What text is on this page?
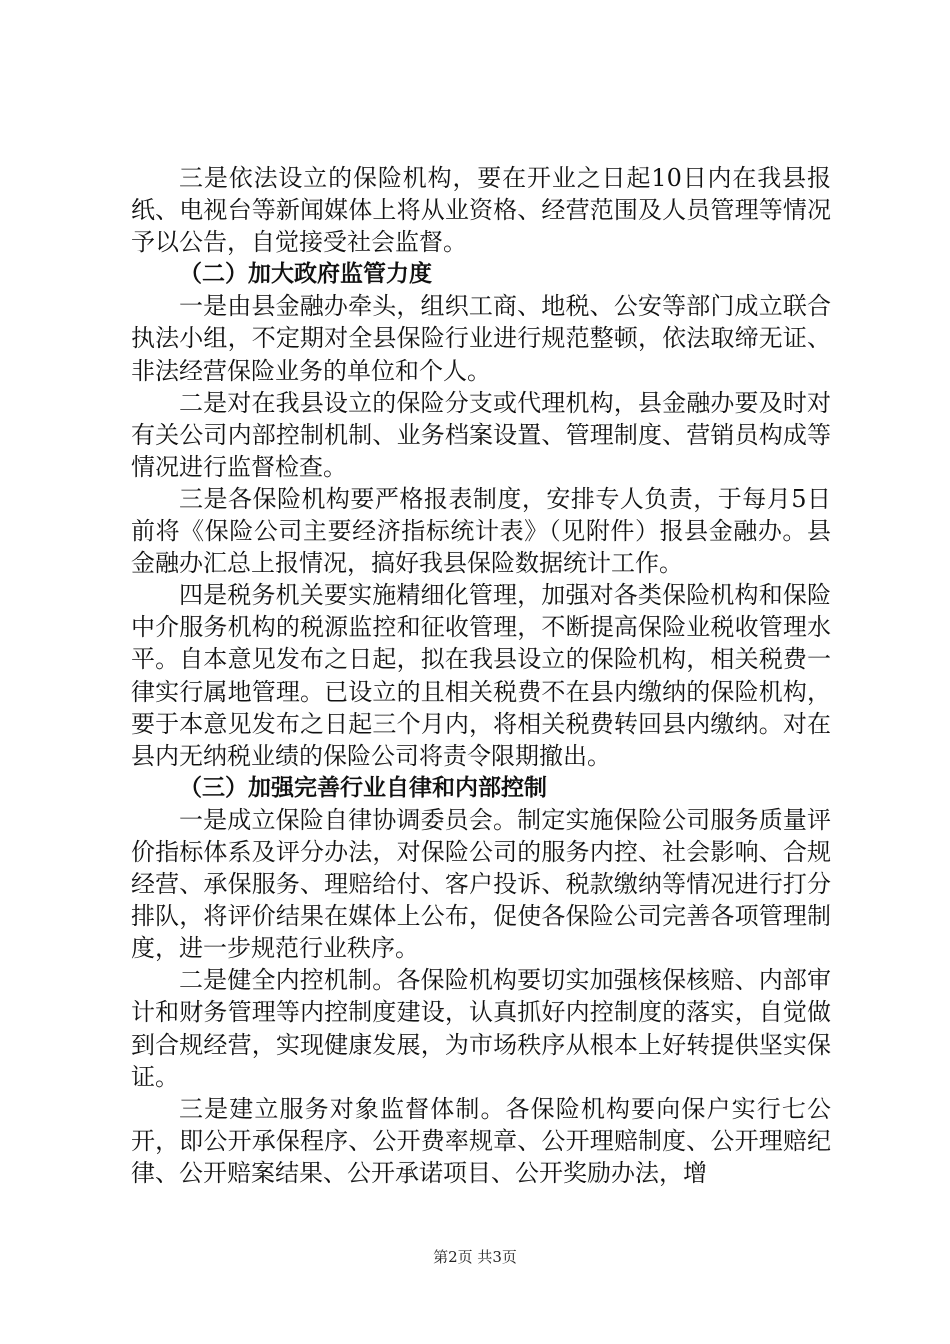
三是依法设立的保险机构，要在开业之日起10日内在我县报纸、电视台等新闻媒体上将从业资格、经营范围及人员管理等情况予以公告，自觉接受社会监督。

（二）加大政府监管力度

一是由县金融办牵头，组织工商、地税、公安等部门成立联合执法小组，不定期对全县保险行业进行规范整顿，依法取缔无证、非法经营保险业务的单位和个人。

二是对在我县设立的保险分支或代理机构，县金融办要及时对有关公司内部控制机制、业务档案设置、管理制度、营销员构成等情况进行监督检查。

三是各保险机构要严格报表制度，安排专人负责，于每月5日前将《保险公司主要经济指标统计表》（见附件）报县金融办。县金融办汇总上报情况，搞好我县保险数据统计工作。

四是税务机关要实施精细化管理，加强对各类保险机构和保险中介服务机构的税源监控和征收管理，不断提高保险业税收管理水平。自本意见发布之日起，拟在我县设立的保险机构，相关税费一律实行属地管理。已设立的且相关税费不在县内缴纳的保险机构，要于本意见发布之日起三个月内，将相关税费转回县内缴纳。对在县内无纳税业绩的保险公司将责令限期撤出。

（三）加强完善行业自律和内部控制

一是成立保险自律协调委员会。制定实施保险公司服务质量评价指标体系及评分办法，对保险公司的服务内控、社会影响、合规经营、承保服务、理赔给付、客户投诉、税款缴纳等情况进行打分排队，将评价结果在媒体上公布，促使各保险公司完善各项管理制度，进一步规范行业秩序。

二是健全内控机制。各保险机构要切实加强核保核赔、内部审计和财务管理等内控制度建设，认真抓好内控制度的落实，自觉做到合规经营，实现健康发展，为市场秩序从根本上好转提供坚实保证。

三是建立服务对象监督体制。各保险机构要向保户实行七公开，即公开承保程序、公开费率规章、公开理赔制度、公开理赔纪律、公开赔案结果、公开承诺项目、公开奖励办法，增

第2页 共3页
